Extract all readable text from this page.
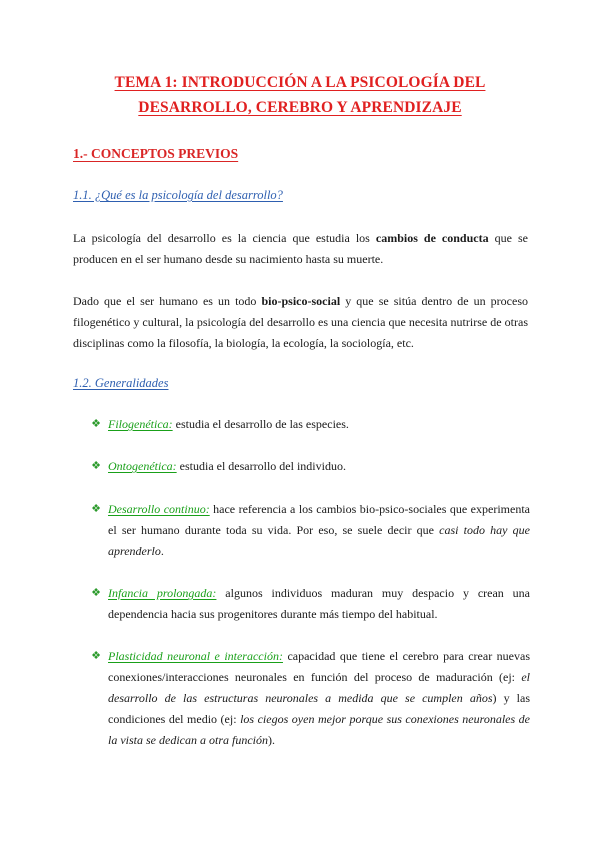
TEMA 1: INTRODUCCIÓN A LA PSICOLOGÍA DEL
DESARROLLO, CEREBRO Y APRENDIZAJE
1.- CONCEPTOS PREVIOS
1.1. ¿Qué es la psicología del desarrollo?
La psicología del desarrollo es la ciencia que estudia los cambios de conducta que se producen en el ser humano desde su nacimiento hasta su muerte.
Dado que el ser humano es un todo bio-psico-social y que se sitúa dentro de un proceso filogenético y cultural, la psicología del desarrollo es una ciencia que necesita nutrirse de otras disciplinas como la filosofía, la biología, la ecología, la sociología, etc.
1.2. Generalidades
❖ Filogenética: estudia el desarrollo de las especies.
❖ Ontogenética: estudia el desarrollo del individuo.
❖ Desarrollo continuo: hace referencia a los cambios bio-psico-sociales que experimenta el ser humano durante toda su vida. Por eso, se suele decir que casi todo hay que aprenderlo.
❖ Infancia prolongada: algunos individuos maduran muy despacio y crean una dependencia hacia sus progenitores durante más tiempo del habitual.
❖ Plasticidad neuronal e interacción: capacidad que tiene el cerebro para crear nuevas conexiones/interacciones neuronales en función del proceso de maduración (ej: el desarrollo de las estructuras neuronales a medida que se cumplen años) y las condiciones del medio (ej: los ciegos oyen mejor porque sus conexiones neuronales de la vista se dedican a otra función).
